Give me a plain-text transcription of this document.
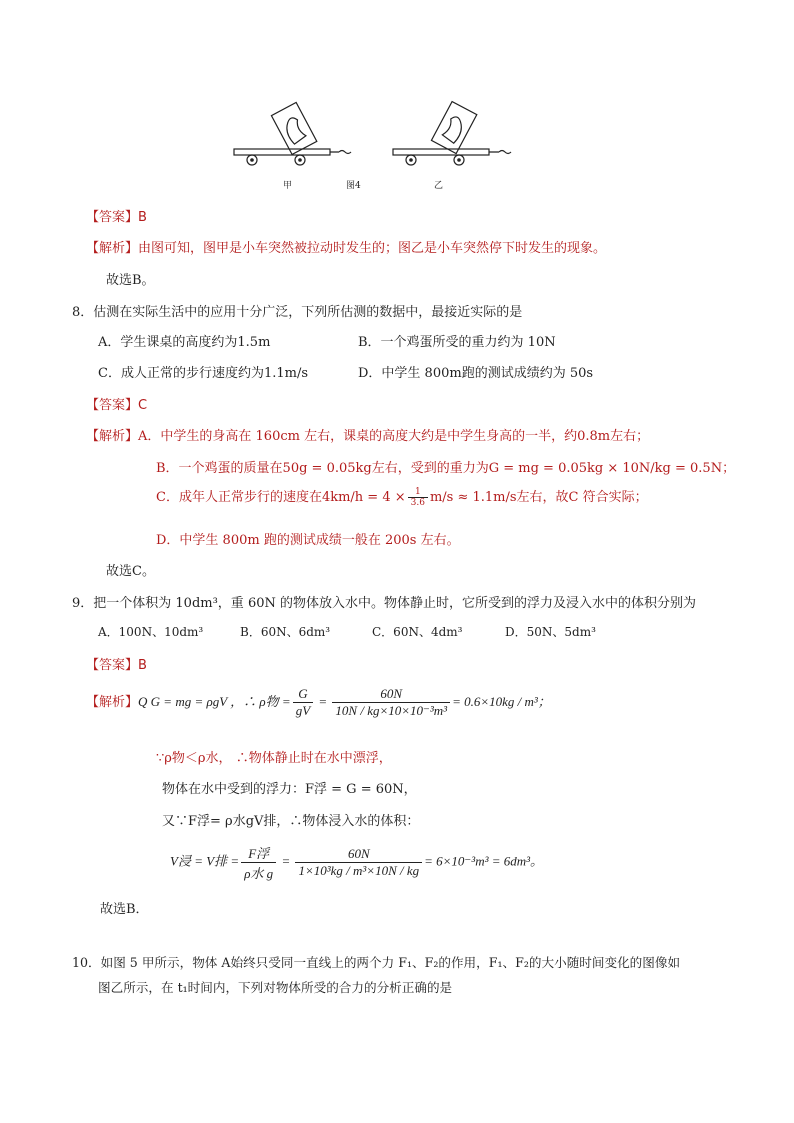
甲	图4	乙
【答案】B
【解析】由图可知，图甲是小车突然被拉动时发生的；图乙是小车突然停下时发生的现象。
故选B。
8．估测在实际生活中的应用十分广泛，下列所估测的数据中，最接近实际的是
A．学生课桌的高度约为1.5m	B．一个鸡蛋所受的重力约为 10N
C．成人正常的步行速度约为1.1m/s	D．中学生 800m跑的测试成绩约为 50s
【答案】C
【解析】A．中学生的身高在 160cm 左右，课桌的高度大约是中学生身高的一半，约0.8m左右；
B．一个鸡蛋的质量在50g = 0.05kg左右，受到的重力为G = mg = 0.05kg × 10N/kg = 0.5N；
C．成年人正常步行的速度在$4km/h = 4 \times \frac{1}{3.6} m/s \approx 1.1m/s$左右，故C 符合实际；
D．中学生 800m 跑的测试成绩一般在 200s 左右。
故选C。
9．把一个体积为 10dm³，重 60N 的物体放入水中。物体静止时，它所受到的浮力及浸入水中的体积分别为
A．100N、10dm³	B．60N、6dm³	C．60N、4dm³	D．50N、5dm³
【答案】B
【解析】Q G = mg = ρgV ，∴ ρ物 = $\frac{G}{gV} = \frac{60N}{\text{10N / kg×10×10⁻³m³}} = 0.6\times 10kg / m^3$；
∵ρ物＜ρ水， ∴物体静止时在水中漂浮，
物体在水中受到的浮力：F浮 = G = 60N，
又∵F浮= ρ水gV排，∴物体浸入水的体积：
V浸 = V排 = $\frac{\text{F浮}}{\text{ρ水 g}} = \frac{60N}{\text{1×10³kg / m³×10N / kg}} = 6\times 10^{-3}m^3 = 6dm^3$。
故选B．
10．如图 5 甲所示，物体 A始终只受同一直线上的两个力 F₁、F₂的作用，F₁、F₂的大小随时间变化的图像如
图乙所示，在 t₁时间内，下列对物体所受的合力的分析正确的是
